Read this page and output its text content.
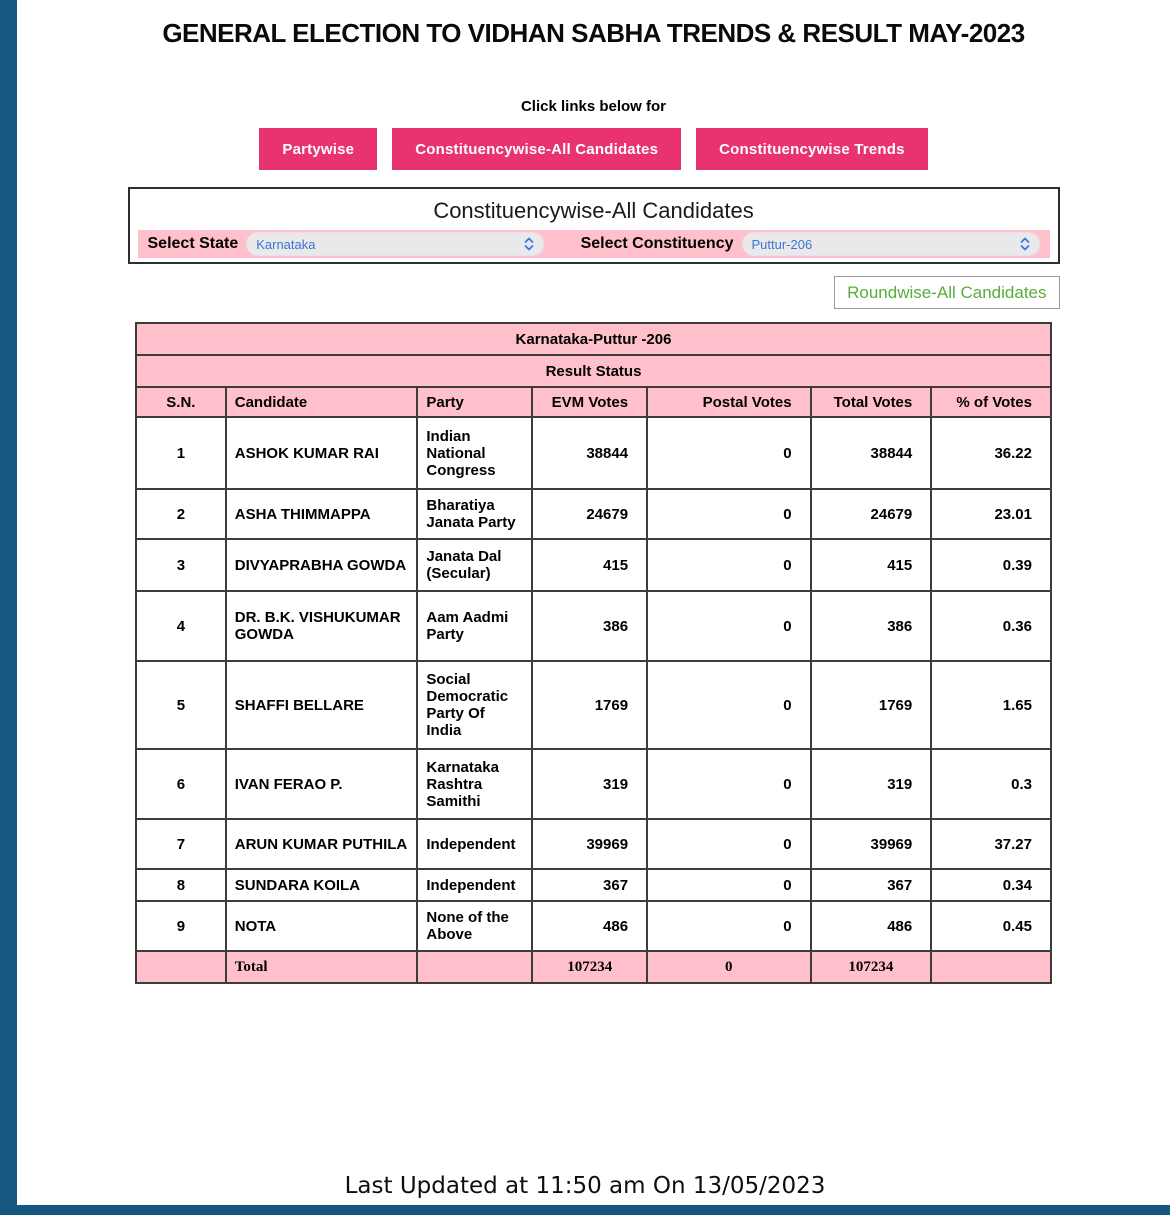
GENERAL ELECTION TO VIDHAN SABHA TRENDS & RESULT MAY-2023
Click links below for
Partywise	Constituencywise-All Candidates	Constituencywise Trends
Constituencywise-All Candidates
Select State Karnataka	Select Constituency Puttur-206
Roundwise-All Candidates
Karnataka-Puttur -206						
Result Status						
S.N.	Candidate	Party	EVM Votes	Postal Votes	Total Votes	% of Votes
1	ASHOK KUMAR RAI	Indian National Congress	38844	0	38844	36.22
2	ASHA THIMMAPPA	Bharatiya Janata Party	24679	0	24679	23.01
3	DIVYAPRABHA GOWDA	Janata Dal (Secular)	415	0	415	0.39
4	DR. B.K. VISHUKUMAR GOWDA	Aam Aadmi Party	386	0	386	0.36
5	SHAFFI BELLARE	Social Democratic Party Of India	1769	0	1769	1.65
6	IVAN FERAO P.	Karnataka Rashtra Samithi	319	0	319	0.3
7	ARUN KUMAR PUTHILA	Independent	39969	0	39969	37.27
8	SUNDARA KOILA	Independent	367	0	367	0.34
9	NOTA	None of the Above	486	0	486	0.45
	Total		107234	0	107234	
Last Updated at 11:50 am On 13/05/2023
